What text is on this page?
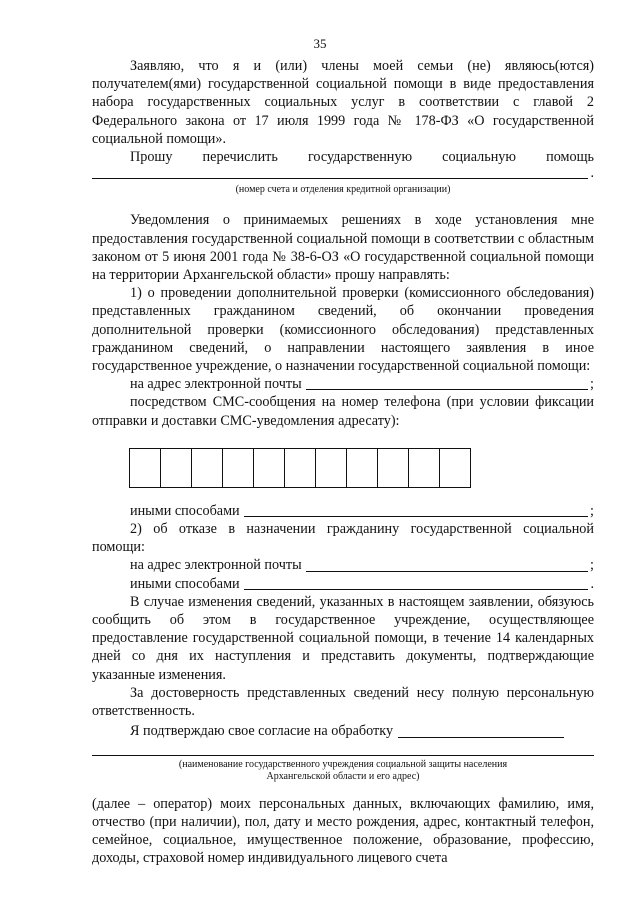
35

Заявляю, что я и (или) члены моей семьи (не) являюсь(ются) получателем(ями) государственной социальной помощи в виде предоставления набора государственных социальных услуг в соответствии с главой 2 Федерального закона от 17 июля 1999 года № 178-ФЗ «О государственной социальной помощи».

Прошу перечислить государственную социальную помощь

.

(номер счета и отделения кредитной организации)

Уведомления о принимаемых решениях в ходе установления мне предоставления государственной социальной помощи в соответствии с областным законом от 5 июня 2001 года № 38-6-ОЗ «О государственной социальной помощи на территории Архангельской области» прошу направлять:

1) о проведении дополнительной проверки (комиссионного обследования) представленных гражданином сведений, об окончании проведения дополнительной проверки (комиссионного обследования) представленных гражданином сведений, о направлении настоящего заявления в иное государственное учреждение, о назначении государственной социальной помощи:

на адрес электронной почты	;

посредством СМС-сообщения на номер телефона (при условии фиксации отправки и доставки СМС-уведомления адресату):

иными способами	;

2) об отказе в назначении гражданину государственной социальной помощи:

на адрес электронной почты	;
иными способами	.

В случае изменения сведений, указанных в настоящем заявлении, обязуюсь сообщить об этом в государственное учреждение, осуществляющее предоставление государственной социальной помощи, в течение 14 календарных дней со дня их наступления и представить документы, подтверждающие указанные изменения.

За достоверность представленных сведений несу полную персональную ответственность.

Я подтверждаю свое согласие на обработку

(наименование государственного учреждения социальной защиты населения

Архангельской области и его адрес)

(далее – оператор) моих персональных данных, включающих фамилию, имя, отчество (при наличии), пол, дату и место рождения, адрес, контактный телефон, семейное, социальное, имущественное положение, образование, профессию, доходы, страховой номер индивидуального лицевого счета
